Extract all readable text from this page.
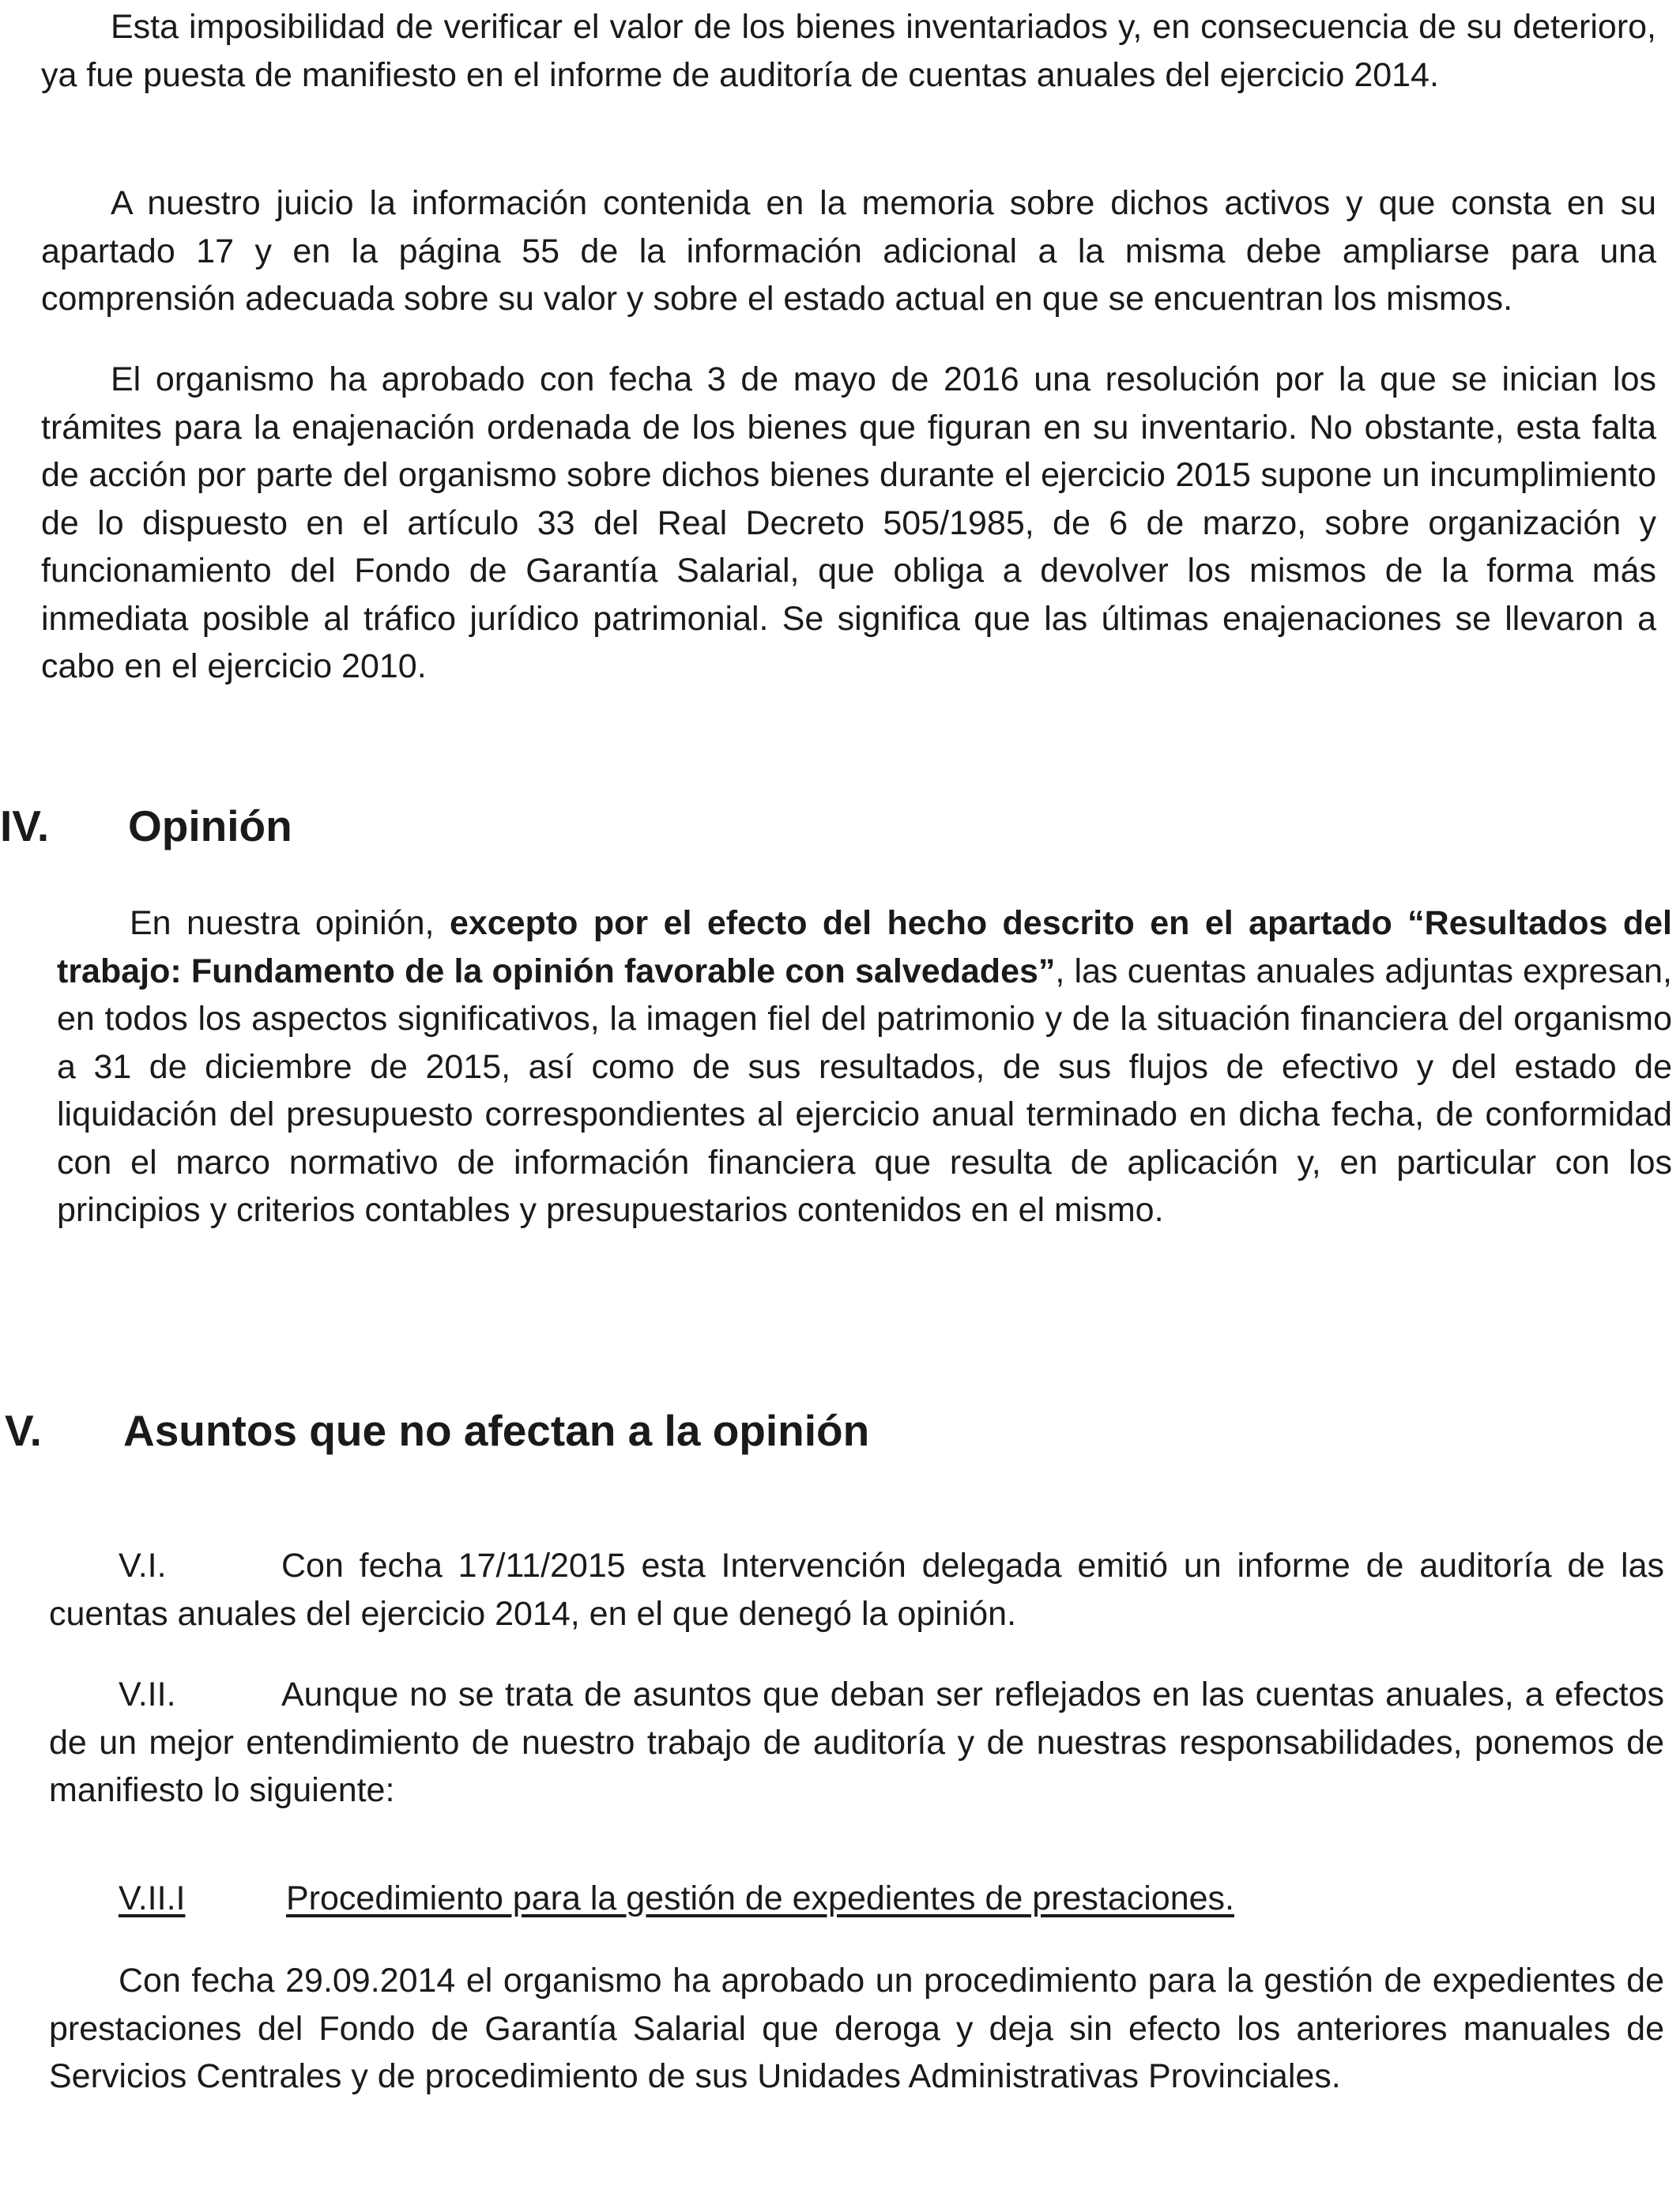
Esta imposibilidad de verificar el valor de los bienes inventariados y, en consecuencia de su deterioro, ya fue puesta de manifiesto en el informe de auditoría de cuentas anuales del ejercicio 2014.

A nuestro juicio la información contenida en la memoria sobre dichos activos y que consta en su apartado 17 y en la página 55 de la información adicional a la misma debe ampliarse para una comprensión adecuada sobre su valor y sobre el estado actual en que se encuentran los mismos.

El organismo ha aprobado con fecha 3 de mayo de 2016 una resolución por la que se inician los trámites para la enajenación ordenada de los bienes que figuran en su inventario. No obstante, esta falta de acción por parte del organismo sobre dichos bienes durante el ejercicio 2015 supone un incumplimiento de lo dispuesto en el artículo 33 del Real Decreto 505/1985, de 6 de marzo, sobre organización y funcionamiento del Fondo de Garantía Salarial, que obliga a devolver los mismos de la forma más inmediata posible al tráfico jurídico patrimonial. Se significa que las últimas enajenaciones se llevaron a cabo en el ejercicio 2010.

IV. Opinión

En nuestra opinión, excepto por el efecto del hecho descrito en el apartado “Resultados del trabajo: Fundamento de la opinión favorable con salvedades”, las cuentas anuales adjuntas expresan, en todos los aspectos significativos, la imagen fiel del patrimonio y de la situación financiera del organismo a 31 de diciembre de 2015, así como de sus resultados, de sus flujos de efectivo y del estado de liquidación del presupuesto correspondientes al ejercicio anual terminado en dicha fecha, de conformidad con el marco normativo de información financiera que resulta de aplicación y, en particular con los principios y criterios contables y presupuestarios contenidos en el mismo.

V. Asuntos que no afectan a la opinión

V.I.	Con fecha 17/11/2015 esta Intervención delegada emitió un informe de auditoría de las cuentas anuales del ejercicio 2014, en el que denegó la opinión.

V.II.	Aunque no se trata de asuntos que deban ser reflejados en las cuentas anuales, a efectos de un mejor entendimiento de nuestro trabajo de auditoría y de nuestras responsabilidades, ponemos de manifiesto lo siguiente:

V.II.I	Procedimiento para la gestión de expedientes de prestaciones.

Con fecha 29.09.2014 el organismo ha aprobado un procedimiento para la gestión de expedientes de prestaciones del Fondo de Garantía Salarial que deroga y deja sin efecto los anteriores manuales de Servicios Centrales y de procedimiento de sus Unidades Administrativas Provinciales.
